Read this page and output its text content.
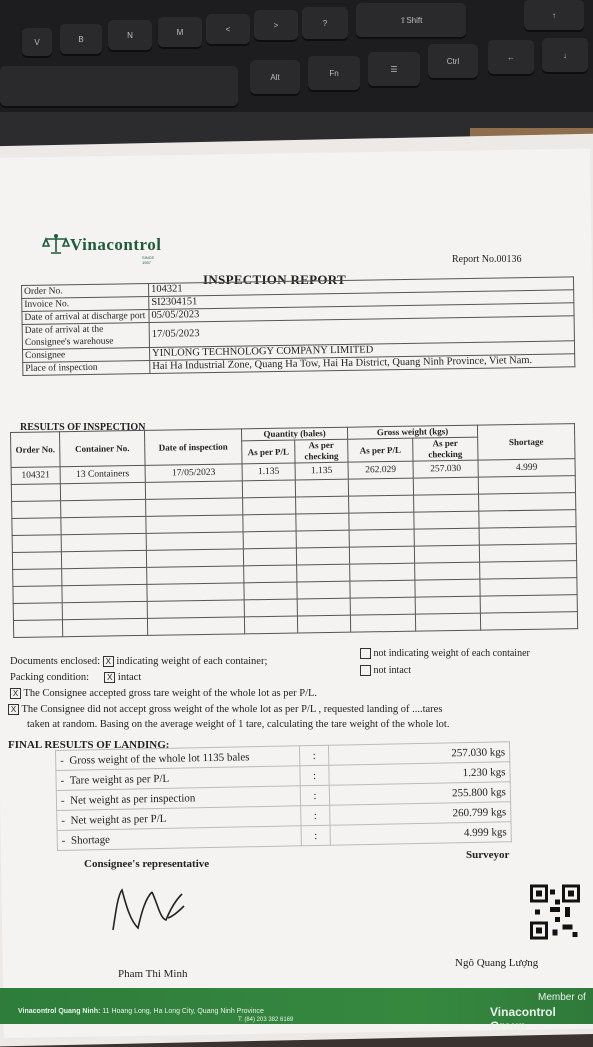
V	B	N	M	<	>	?	⇧Shift
↑
Alt	Fn	☰
Ctrl	←	↓
Vinacontrol
SINCE 1957	Report No.00136
INSPECTION REPORT
Order No.	104321
Invoice No.	SI2304151
Date of arrival at discharge port	05/05/2023
Date of arrival at the Consignee's warehouse	17/05/2023
Consignee	YINLONG TECHNOLOGY COMPANY LIMITED
Place of inspection	Hai Ha Industrial Zone, Quang Ha Tow, Hai Ha District, Quang Ninh Province, Viet Nam.
RESULTS OF INSPECTION
Order No.	Container No.	Date of inspection	Quantity (bales)		Gross weight (kgs)		Shortage
			As per P/L	As per checking	As per P/L	As per checking	
104321	13 Containers	17/05/2023	1.135	1.135	262.029	257.030	4.999

Documents enclosed: X indicating weight of each container;
not indicating weight of each container
Packing condition: X intact
not intact
X The Consignee accepted gross tare weight of the whole lot as per P/L.
X The Consignee did not accept gross weight of the whole lot as per P/L , requested landing of ....tares
taken at random. Basing on the average weight of 1 tare, calculating the tare weight of the whole lot.
FINAL RESULTS OF LANDING:
-  Gross weight of the whole lot 1135 bales	:	257.030 kgs
-  Tare weight as per P/L	:	1.230 kgs
-  Net weight as per inspection	:	255.800 kgs
-  Net weight as per P/L	:	260.799 kgs
-  Shortage	:	4.999 kgs
Consignee's representative
Surveyor
Pham Thi Minh
Ngô Quang Lượng
Vinacontrol Quang Ninh: 11 Hoang Long, Ha Long City, Quang Ninh Province
T: (84) 203 382 6169
Member of
Vinacontrol Group
